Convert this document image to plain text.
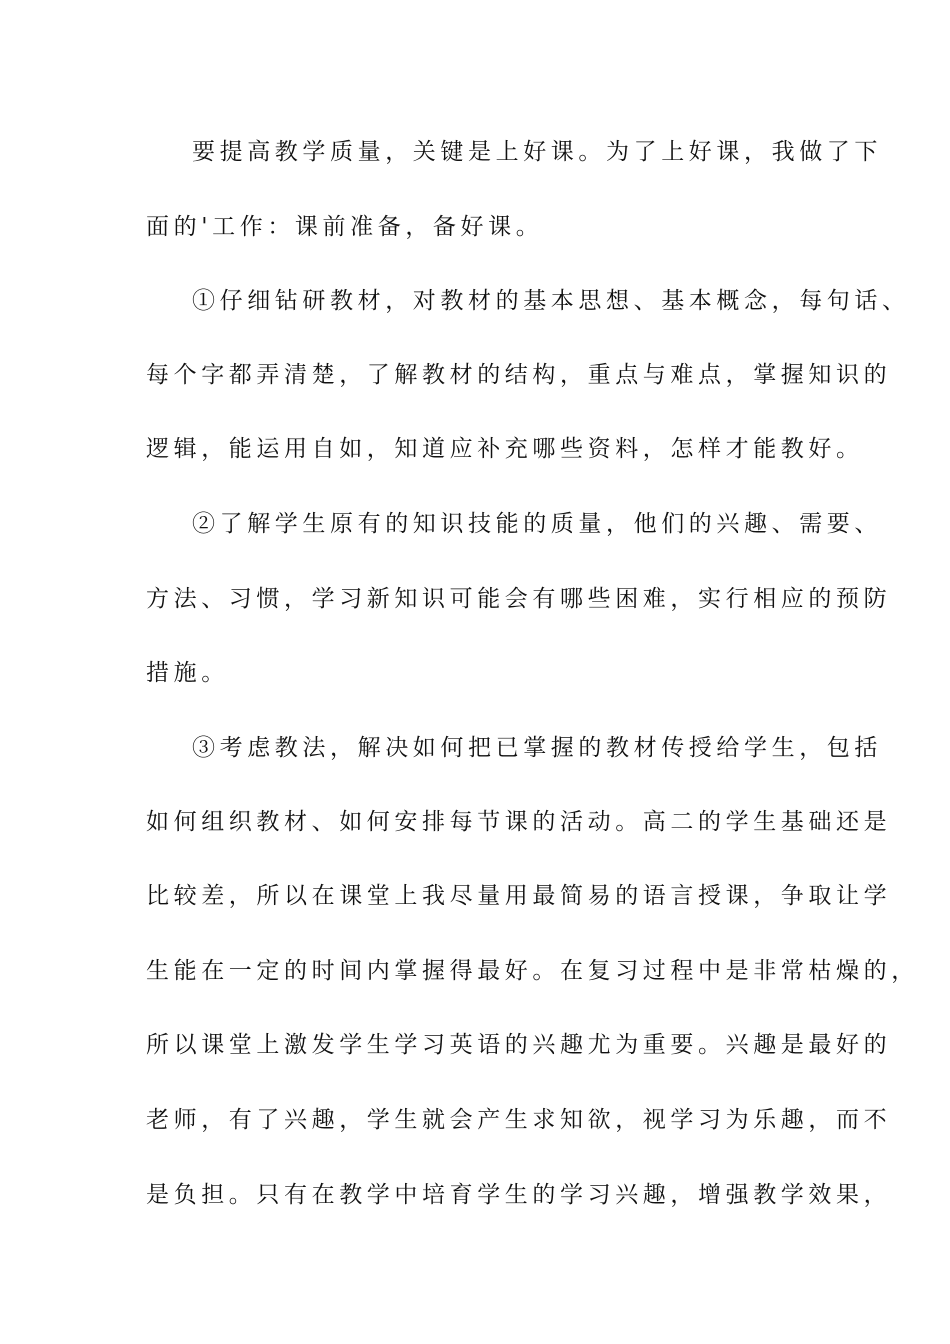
要提高教学质量，关键是上好课。为了上好课，我做了下
面的'工作：课前准备，备好课。
①仔细钻研教材，对教材的基本思想、基本概念，每句话、
每个字都弄清楚，了解教材的结构，重点与难点，掌握知识的
逻辑，能运用自如，知道应补充哪些资料，怎样才能教好。
②了解学生原有的知识技能的质量，他们的兴趣、需要、
方法、习惯，学习新知识可能会有哪些困难，实行相应的预防
措施。
③考虑教法，解决如何把已掌握的教材传授给学生，包括
如何组织教材、如何安排每节课的活动。高二的学生基础还是
比较差，所以在课堂上我尽量用最简易的语言授课，争取让学
生能在一定的时间内掌握得最好。在复习过程中是非常枯燥的，
所以课堂上激发学生学习英语的兴趣尤为重要。兴趣是最好的
老师，有了兴趣，学生就会产生求知欲，视学习为乐趣，而不
是负担。只有在教学中培育学生的学习兴趣，增强教学效果，
